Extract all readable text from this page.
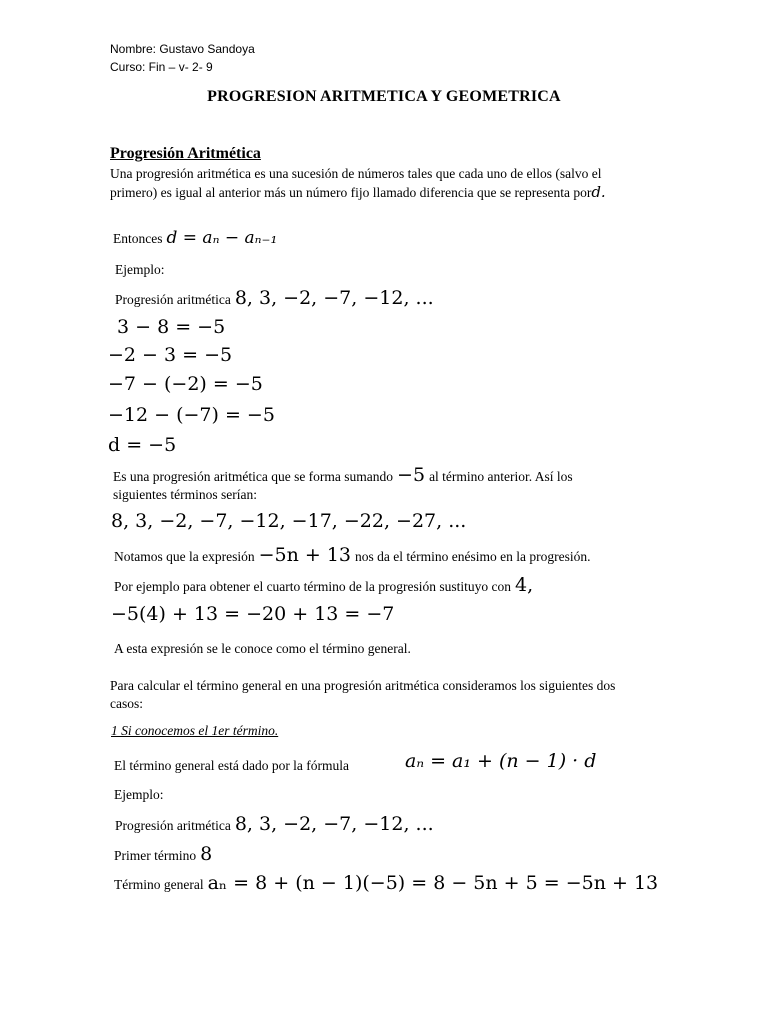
Nombre: Gustavo Sandoya
Curso: Fin – v- 2- 9
PROGRESION ARITMETICA Y GEOMETRICA
Progresión Aritmética
Una progresión aritmética es una sucesión de números tales que cada uno de ellos (salvo el primero) es igual al anterior más un número fijo llamado diferencia que se representa pord.
Entonces d = aₙ − aₙ₋₁
Ejemplo:
Progresión aritmética 8, 3, −2, −7, −12, ...
3 − 8 = −5
−2 − 3 = −5
−7 − (−2) = −5
−12 − (−7) = −5
d = −5
Es una progresión aritmética que se forma sumando −5 al término anterior. Así los
siguientes términos serían:
8, 3, −2, −7, −12, −17, −22, −27, ...
Notamos que la expresión −5n + 13 nos da el término enésimo en la progresión.
Por ejemplo para obtener el cuarto término de la progresión sustituyo con 4,
−5(4) + 13 = −20 + 13 = −7
A esta expresión se le conoce como el término general.
Para calcular el término general en una progresión aritmética consideramos los siguientes dos casos:
1 Si conocemos el 1er término.
El término general está dado por la fórmula	aₙ = a₁ + (n − 1) · d
Ejemplo:
Progresión aritmética 8, 3, −2, −7, −12, ...
Primer término 8
Término general aₙ = 8 + (n − 1)(−5) = 8 − 5n + 5 = −5n + 13
